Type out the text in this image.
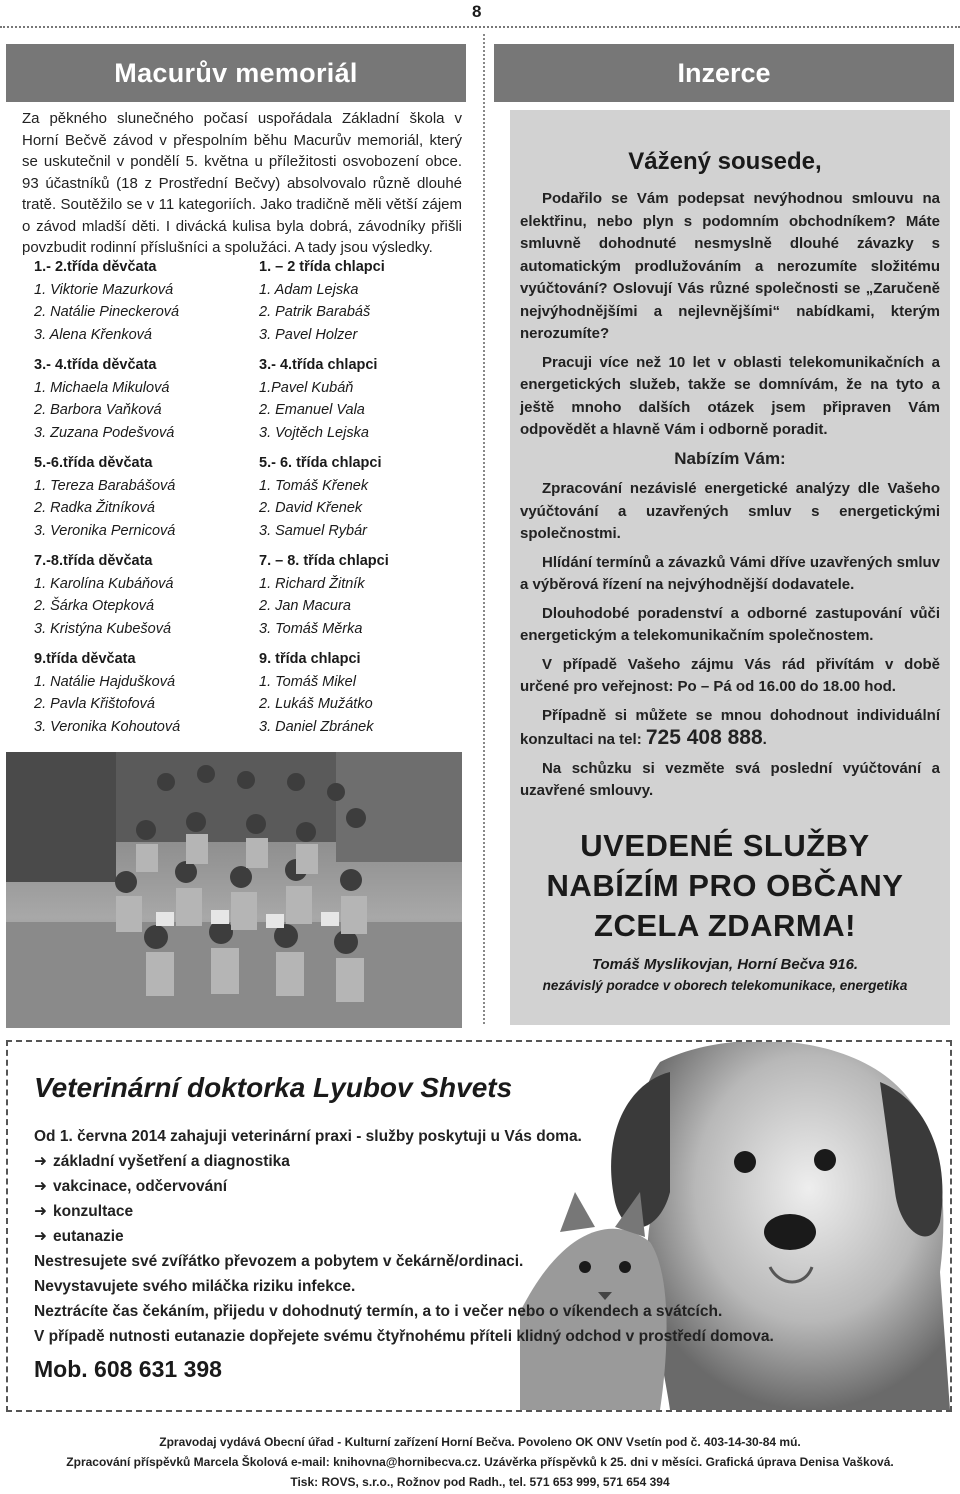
8
Macurův memoriál
Za pěkného slunečného počasí uspořádala Základní škola v Horní Bečvě závod v přespolním běhu Macurův memoriál, který se uskutečnil v pondělí 5. května u příležitosti osvobození obce. 93 účastníků (18 z Prostřední Bečvy) absolvovalo různě dlouhé tratě. Soutěžilo se v 11 kategoriích. Jako tradičně měli větší zájem o závod mladší děti. I divácká kulisa byla dobrá, závodníky přišli povzbudit rodinní příslušníci a spolužáci. A tady jsou výsledky.
1.- 2.třída děvčata
1. Viktorie Mazurková
2. Natálie Pineckerová
3. Alena Křenková
3.- 4.třída děvčata
1. Michaela Mikulová
2. Barbora Vaňková
3. Zuzana Podešvová
5.-6.třída děvčata
1. Tereza Barabášová
2. Radka Žitníková
3. Veronika Pernicová
7.-8.třída děvčata
1. Karolína Kubáňová
2. Šárka Otepková
3. Kristýna Kubešová
9.třída děvčata
1. Natálie Hajdušková
2. Pavla Křištofová
3. Veronika Kohoutová
1. – 2 třída chlapci
1. Adam Lejska
2. Patrik Barabáš
3. Pavel Holzer
3.- 4.třída chlapci
1.Pavel Kubáň
2. Emanuel Vala
3. Vojtěch Lejska
5.- 6. třída chlapci
1. Tomáš Křenek
2. David Křenek
3. Samuel Rybár
7. – 8. třída chlapci
1. Richard Žitník
2. Jan Macura
3. Tomáš Měrka
9. třída chlapci
1. Tomáš Mikel
2. Lukáš Mužátko
3. Daniel Zbránek
Inzerce
Vážený sousede,

Podařilo se Vám podepsat nevýhodnou smlouvu na elektřinu, nebo plyn s podomním obchodníkem? Máte smluvně dohodnuté nesmyslně dlouhé závazky s automatickým prodlužováním a nerozumíte složitému vyúčtování? Oslovují Vás různé společnosti se „Zaručeně nejvýhodnějšími a nejlevnějšími“ nabídkami, kterým nerozumíte?

Pracuji více než 10 let v oblasti telekomunikačních a energetických služeb, takže se domnívám, že na tyto a ještě mnoho dalších otázek jsem připraven Vám odpovědět a hlavně Vám i odborně poradit.

Nabízím Vám:

Zpracování nezávislé energetické analýzy dle Vašeho vyúčtování a uzavřených smluv s energetickými společnostmi.

Hlídání termínů a závazků Vámi dříve uzavřených smluv a výběrová řízení na nejvýhodnější dodavatele.

Dlouhodobé poradenství a odborné zastupování vůči energetickým a telekomunikačním společnostem.

V případě Vašeho zájmu Vás rád přivítám v době určené pro veřejnost: Po – Pá od 16.00 do 18.00 hod.

Případně si můžete se mnou dohodnout individuální konzultaci na tel: 725 408 888.

Na schůzku si vezměte svá poslední vyúčtování a uzavřené smlouvy.

UVEDENÉ SLUŽBY
NABÍZÍM PRO OBČANY
ZCELA ZDARMA!
Tomáš Myslikovjan, Horní Bečva 916.
nezávislý poradce v oborech telekomunikace, energetika
Veterinární doktorka Lyubov Shvets
Od 1. června 2014 zahajuji veterinární praxi - služby poskytuji u Vás doma.
➜ základní vyšetření a diagnostika
➜ vakcinace, odčervování
➜ konzultace
➜ eutanazie
Nestresujete své zvířátko převozem a pobytem v čekárně/ordinaci.
Nevystavujete svého miláčka riziku infekce.
Neztrácíte čas čekáním, přijedu v dohodnutý termín, a to i večer nebo o víkendech a svátcích.
V případě nutnosti eutanazie dopřejete svému čtyřnohému příteli klidný odchod v prostředí domova.
Mob. 608 631 398
Zpravodaj vydává Obecní úřad - Kulturní zařízení Horní Bečva. Povoleno OK ONV Vsetín pod č. 403-14-30-84 mú.
Zpracování příspěvků Marcela Školová e-mail: knihovna@hornibecva.cz. Uzávěrka příspěvků k 25. dni v měsíci. Grafická úprava Denisa Vašková.
Tisk: ROVS, s.r.o., Rožnov pod Radh., tel. 571 653 999, 571 654 394
